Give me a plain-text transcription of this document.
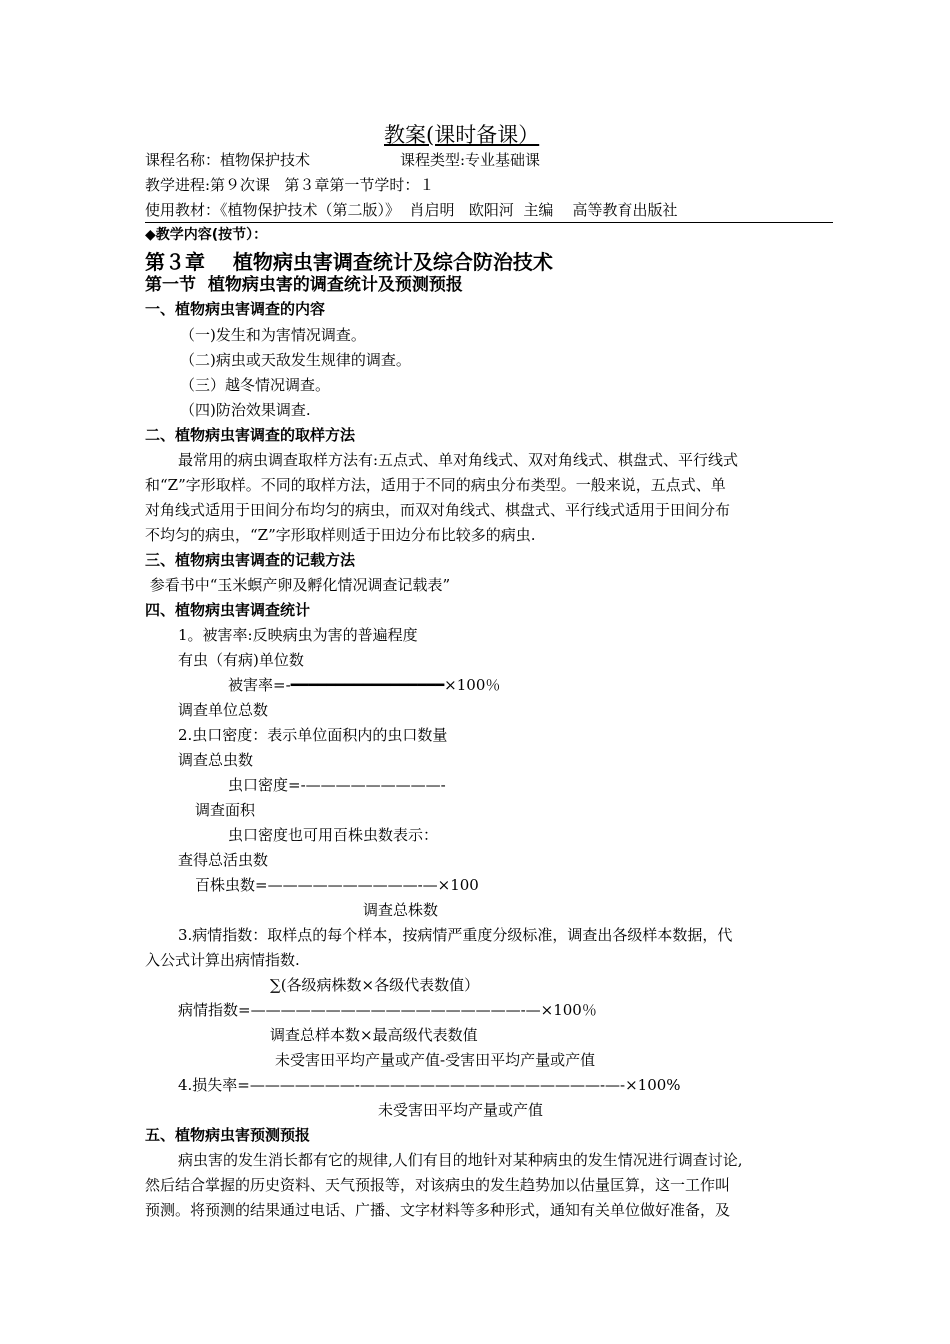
教案(课时备课）
课程名称：植物保护技术	课程类型:专业基础课
教学进程:第９次课   第３章第一节学时：１
使用教材：《植物保护技术（第二版）》  肖启明   欧阳河  主编    高等教育出版社
◆教学内容(按节）：
第３章    植物病虫害调查统计及综合防治技术
第一节  植物病虫害的调查统计及预测预报
一、植物病虫害调查的内容
（一)发生和为害情况调查。
（二)病虫或天敌发生规律的调查。
（三）越冬情况调查。
（四)防治效果调查.
二、植物病虫害调查的取样方法
最常用的病虫调查取样方法有:五点式、单对角线式、双对角线式、棋盘式、平行线式
和“Z”字形取样。不同的取样方法，适用于不同的病虫分布类型。一般来说，五点式、单
对角线式适用于田间分布均匀的病虫，而双对角线式、棋盘式、平行线式适用于田间分布
不均匀的病虫，“Z”字形取样则适于田边分布比较多的病虫.
三、植物病虫害调查的记载方法
参看书中“玉米螟产卵及孵化情况调查记载表”
四、植物病虫害调查统计
1。被害率:反映病虫为害的普遍程度
有虫（有病)单位数
被害率=-━━━━━━━━━━━━━━━━━×100％
调查单位总数
2.虫口密度：表示单位面积内的虫口数量
调查总虫数
虫口密度=-—————————-
调查面积
虫口密度也可用百株虫数表示：
查得总活虫数
百株虫数=——————————-—×100
调查总株数
3.病情指数：取样点的每个样本，按病情严重度分级标准，调查出各级样本数据，代
入公式计算出病情指数.
∑(各级病株数×各级代表数值）
病情指数=——————————————————-—×100％
调查总样本数×最高级代表数值
未受害田平均产量或产值-受害田平均产量或产值
4.损失率=———————-————————————————-—-×100%
未受害田平均产量或产值
五、植物病虫害预测预报
病虫害的发生消长都有它的规律,人们有目的地针对某种病虫的发生情况进行调查讨论,
然后结合掌握的历史资料、天气预报等，对该病虫的发生趋势加以估量匡算，这一工作叫
预测。将预测的结果通过电话、广播、文字材料等多种形式，通知有关单位做好准备，及
